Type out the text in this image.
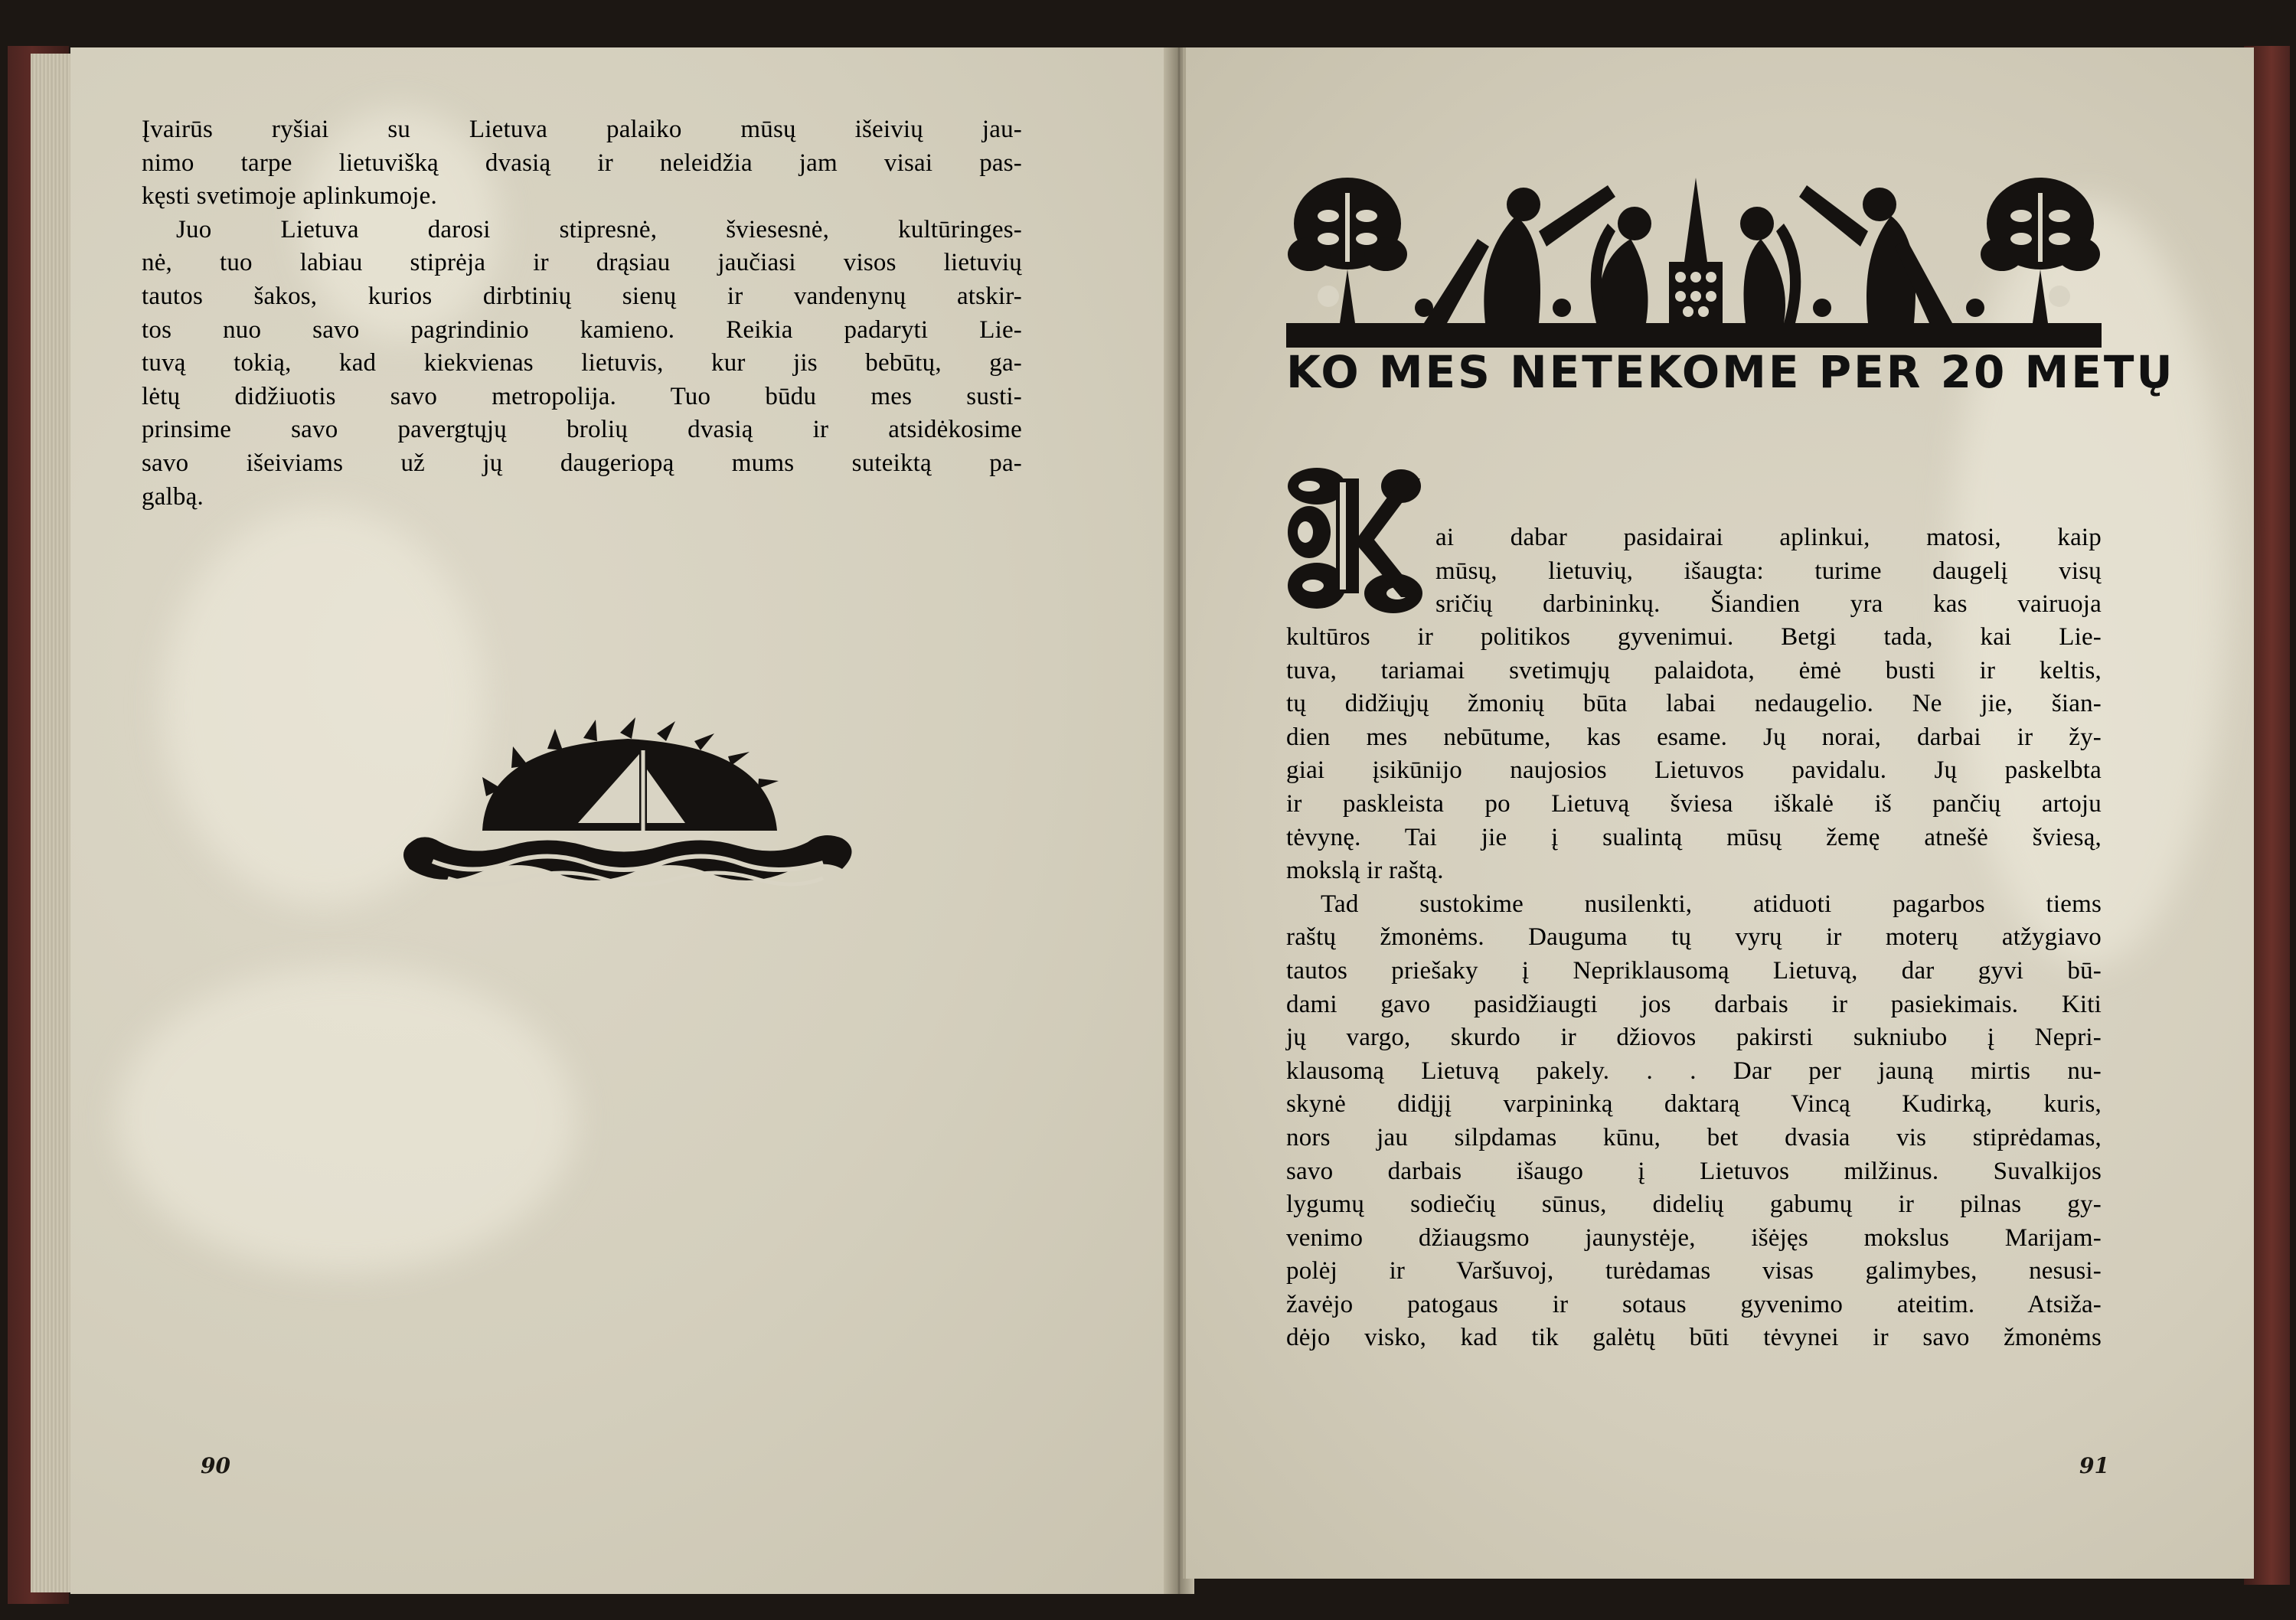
Įvairūs ryšiai su Lietuva palaiko mūsų išeivių jau-
nimo tarpe lietuvišką dvasią ir neleidžia jam visai pas-
kęsti svetimoje aplinkumoje.
Juo Lietuva darosi stipresnė, šviesesnė, kultūringes-
nė, tuo labiau stiprėja ir drąsiau jaučiasi visos lietuvių
tautos šakos, kurios dirbtinių sienų ir vandenynų atskir-
tos nuo savo pagrindinio kamieno. Reikia padaryti Lie-
tuvą tokią, kad kiekvienas lietuvis, kur jis bebūtų, ga-
lėtų didžiuotis savo metropolija. Tuo būdu mes susti-
prinsime savo pavergtųjų brolių dvasią ir atsidėkosime
savo išeiviams už jų daugeriopą mums suteiktą pa-
galbą.
90
KO MES NETEKOME PER 20 METŲ
ai dabar pasidairai aplinkui, matosi, kaip
mūsų, lietuvių, išaugta: turime daugelį visų
sričių darbininkų. Šiandien yra kas vairuoja
kultūros ir politikos gyvenimui. Betgi tada, kai Lie-
tuva, tariamai svetimųjų palaidota, ėmė busti ir keltis,
tų didžiųjų žmonių būta labai nedaugelio. Ne jie, šian-
dien mes nebūtume, kas esame. Jų norai, darbai ir žy-
giai įsikūnijo naujosios Lietuvos pavidalu. Jų paskelbta
ir paskleista po Lietuvą šviesa iškalė iš pančių artoju
tėvynę. Tai jie į sualintą mūsų žemę atnešė šviesą,
mokslą ir raštą.
Tad sustokime nusilenkti, atiduoti pagarbos tiems
raštų žmonėms. Dauguma tų vyrų ir moterų atžygiavo
tautos priešaky į Nepriklausomą Lietuvą, dar gyvi bū-
dami gavo pasidžiaugti jos darbais ir pasiekimais. Kiti
jų vargo, skurdo ir džiovos pakirsti sukniubo į Nepri-
klausomą Lietuvą pakely. . . Dar per jauną mirtis nu-
skynė didįjį varpininką daktarą Vincą Kudirką, kuris,
nors jau silpdamas kūnu, bet dvasia vis stiprėdamas,
savo darbais išaugo į Lietuvos milžinus. Suvalkijos
lygumų sodiečių sūnus, didelių gabumų ir pilnas gy-
venimo džiaugsmo jaunystėje, išėjęs mokslus Marijam-
polėj ir Varšuvoj, turėdamas visas galimybes, nesusi-
žavėjo patogaus ir sotaus gyvenimo ateitim. Atsiža-
dėjo visko, kad tik galėtų būti tėvynei ir savo žmonėms
91
